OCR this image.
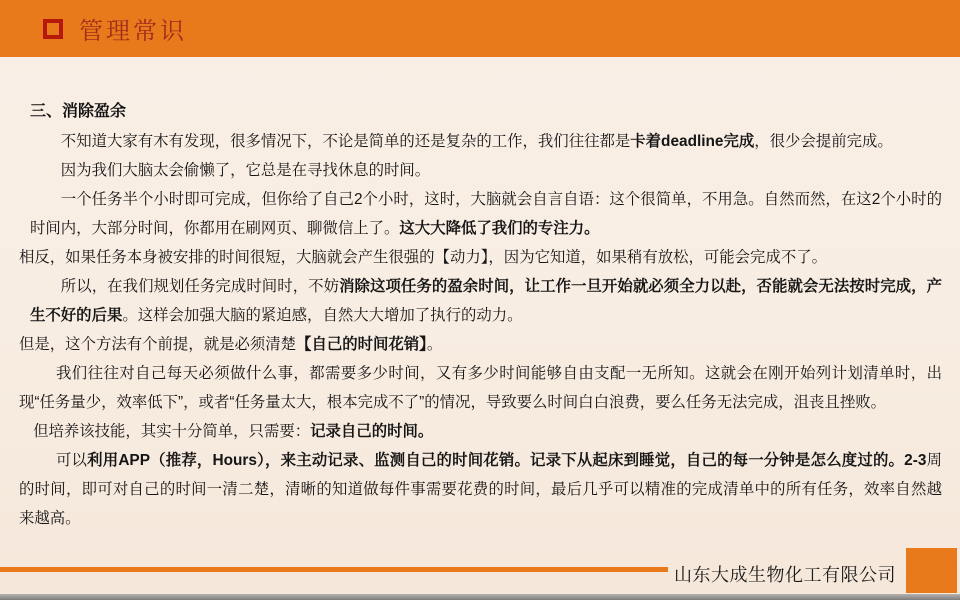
管理常识
三、消除盈余

不知道大家有木有发现，很多情况下，不论是简单的还是复杂的工作，我们往往都是卡着deadline完成，很少会提前完成。

因为我们大脑太会偷懒了，它总是在寻找休息的时间。

一个任务半个小时即可完成，但你给了自己2个小时，这时，大脑就会自言自语：这个很简单，不用急。自然而然，在这2个小时的时间内，大部分时间，你都用在刷网页、聊微信上了。这大大降低了我们的专注力。

相反，如果任务本身被安排的时间很短，大脑就会产生很强的【动力】，因为它知道，如果稍有放松，可能会完成不了。

所以，在我们规划任务完成时间时，不妨消除这项任务的盈余时间，让工作一旦开始就必须全力以赴，否能就会无法按时完成，产生不好的后果。这样会加强大脑的紧迫感，自然大大增加了执行的动力。

但是，这个方法有个前提，就是必须清楚【自己的时间花销】。

我们往往对自己每天必须做什么事，都需要多少时间，又有多少时间能够自由支配一无所知。这就会在刚开始列计划清单时，出现“任务量少，效率低下”，或者“任务量太大，根本完成不了”的情况，导致要么时间白白浪费，要么任务无法完成，沮丧且挫败。

但培养该技能，其实十分简单，只需要：记录自己的时间。

可以利用APP（推荐，Hours），来主动记录、监测自己的时间花销。记录下从起床到睡觉，自己的每一分钟是怎么度过的。2-3周的时间，即可对自己的时间一清二楚，清晰的知道做每件事需要花费的时间，最后几乎可以精准的完成清单中的所有任务，效率自然越来越高。

山东大成生物化工有限公司
